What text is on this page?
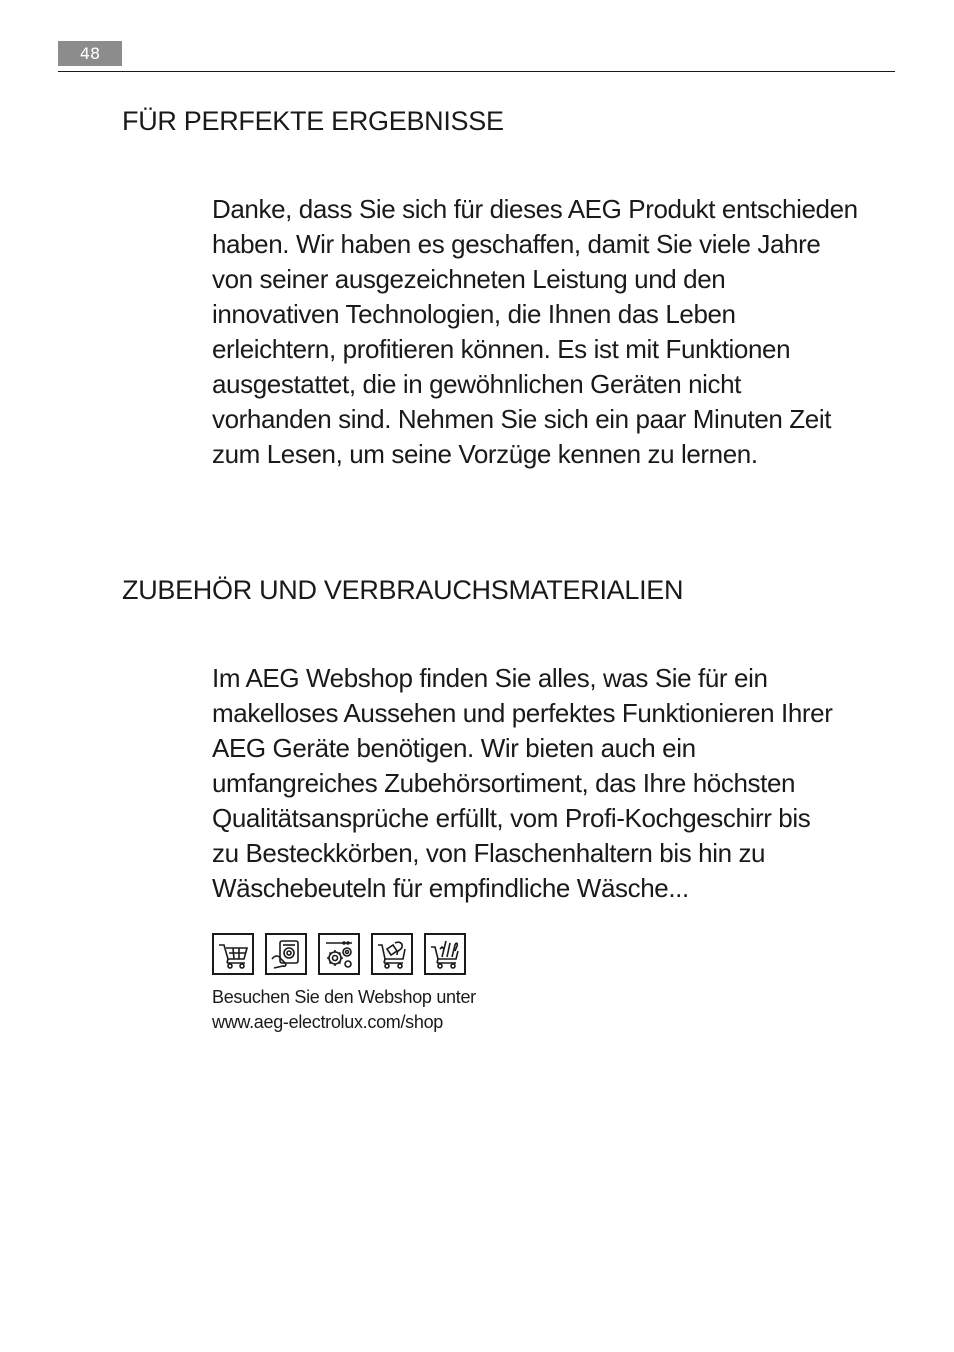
48
FÜR PERFEKTE ERGEBNISSE

Danke, dass Sie sich für dieses AEG Produkt entschieden
haben. Wir haben es geschaffen, damit Sie viele Jahre
von seiner ausgezeichneten Leistung und den
innovativen Technologien, die Ihnen das Leben
erleichtern, profitieren können. Es ist mit Funktionen
ausgestattet, die in gewöhnlichen Geräten nicht
vorhanden sind. Nehmen Sie sich ein paar Minuten Zeit
zum Lesen, um seine Vorzüge kennen zu lernen.

ZUBEHÖR UND VERBRAUCHSMATERIALIEN

Im AEG Webshop finden Sie alles, was Sie für ein
makelloses Aussehen und perfektes Funktionieren Ihrer
AEG Geräte benötigen. Wir bieten auch ein
umfangreiches Zubehörsortiment, das Ihre höchsten
Qualitätsansprüche erfüllt, vom Profi-Kochgeschirr bis
zu Besteckkörben, von Flaschenhaltern bis hin zu
Wäschebeuteln für empfindliche Wäsche...

Besuchen Sie den Webshop unter
www.aeg-electrolux.com/shop
